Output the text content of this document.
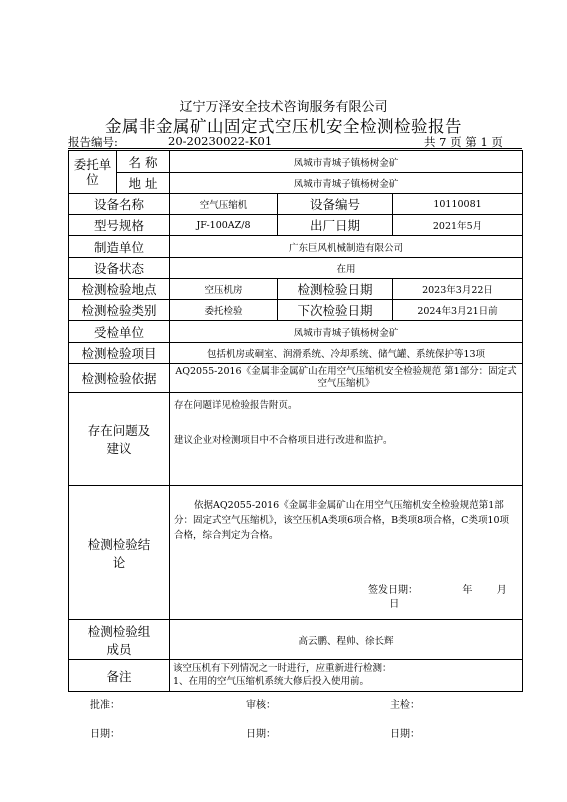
辽宁万泽安全技术咨询服务有限公司
金属非金属矿山固定式空压机安全检测检验报告
报告编号:	20-20230022-K01	共 7 页 第 1 页
委托单位	名 称	凤城市青城子镇杨树金矿		
	地 址	凤城市青城子镇杨树金矿		
设备名称		空气压缩机	设备编号	10110081
型号规格		JF-100AZ/8	出厂日期	2021年5月
制造单位		广东巨风机械制造有限公司		
设备状态		在用		
检测检验地点		空压机房	检测检验日期	2023年3月22日
检测检验类别		委托检验	下次检验日期	2024年3月21日前
受检单位		凤城市青城子镇杨树金矿		
检测检验项目		包括机房或硐室、润滑系统、冷却系统、储气罐、系统保护等13项		
检测检验依据		AQ2055-2016《金属非金属矿山在用空气压缩机安全检验规范 第1部分：固定式空气压缩机》		
存在问题及建议		存在问题详见检验报告附页。
建议企业对检测项目中不合格项目进行改进和监护。		

检测检验结论		依据AQ2055-2016《金属非金属矿山在用空气压缩机安全检验规范第1部分：固定式空气压缩机》，该空压机A类项6项合格，B类项8项合格，C类项10项合格，综合判定为合格。
签发日期： 年 月  日		

检测检验组成员		高云鹏、程帅、徐长辉		
备注		该空压机有下列情况之一时进行，应重新进行检测：
1、在用的空气压缩机系统大修后投入使用前。		
批准：	审核：	主检：
日期：	日期：	日期：
